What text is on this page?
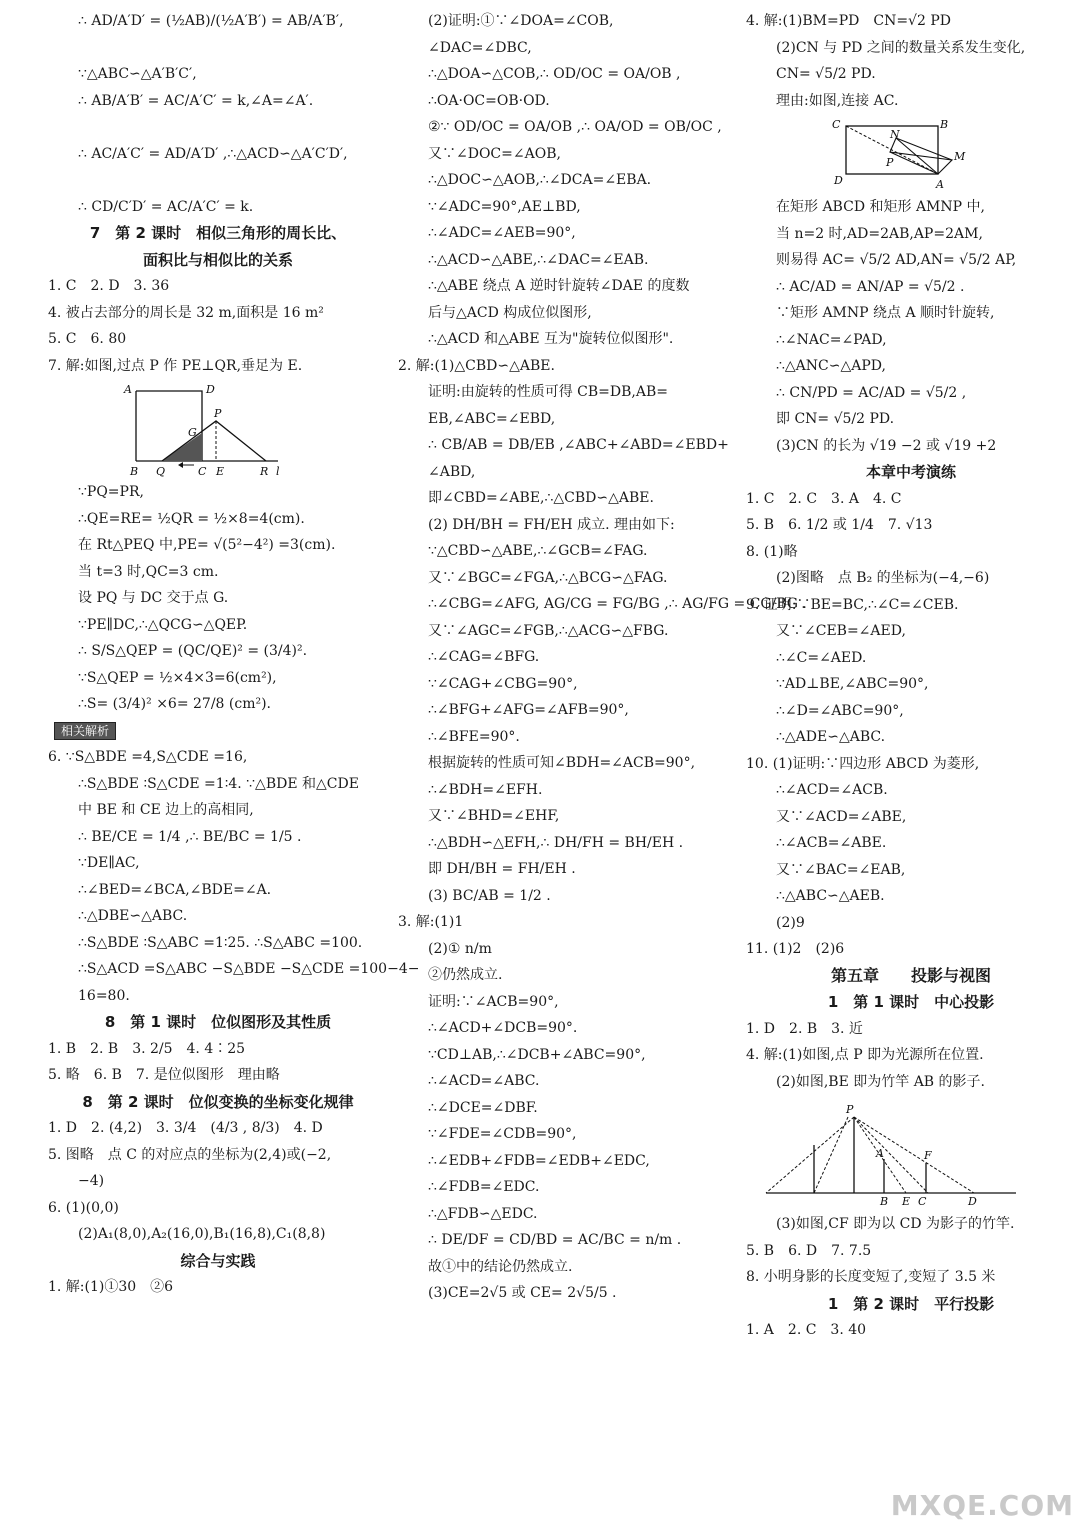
∴ AD/A′D′ = (½AB)/(½A′B′) = AB/A′B′,

∵△ABC∽△A′B′C′,
∴ AB/A′B′ = AC/A′C′ = k,∠A=∠A′.

∴ AC/A′C′ = AD/A′D′ ,∴△ACD∽△A′C′D′,

∴ CD/C′D′ = AC/A′C′ = k.
7　第 2 课时　相似三角形的周长比、
面积比与相似比的关系
1. C　2. D　3. 36
4. 被占去部分的周长是 32 m,面积是 16 m²
5. C　6. 80
7. 解:如图,过点 P 作 PE⊥QR,垂足为 E.
A	D
P
G
B Q	C E	R l
∵PQ=PR,
∴QE=RE= ½QR = ½×8=4(cm).
在 Rt△PEQ 中,PE= √(5²−4²) =3(cm).
当 t=3 时,QC=3 cm.
设 PQ 与 DC 交于点 G.
∵PE∥DC,∴△QCG∽△QEP.
∴ S/S△QEP = (QC/QE)² = (3/4)².
∵S△QEP = ½×4×3=6(cm²),
∴S= (3/4)² ×6= 27/8 (cm²).
相关解析
6. ∵S△BDE =4,S△CDE =16,
∴S△BDE ∶S△CDE =1∶4. ∵△BDE 和△CDE
中 BE 和 CE 边上的高相同,
∴ BE/CE = 1/4 ,∴ BE/BC = 1/5 .
∵DE∥AC,
∴∠BED=∠BCA,∠BDE=∠A.
∴△DBE∽△ABC.
∴S△BDE ∶S△ABC =1∶25. ∴S△ABC =100.
∴S△ACD =S△ABC −S△BDE −S△CDE =100−4−
16=80.
8　第 1 课时　位似图形及其性质
1. B　2. B　3. 2/5　4. 4∶25
5. 略　6. B　7. 是位似图形　理由略
8　第 2 课时　位似变换的坐标变化规律
1. D　2. (4,2)　3. 3/4　(4/3 , 8/3)　4. D
5. 图略　点 C 的对应点的坐标为(2,4)或(−2,
−4)
6. (1)(0,0)
(2)A₁(8,0),A₂(16,0),B₁(16,8),C₁(8,8)
综合与实践
1. 解:(1)①30　②6
(2)证明:①∵∠DOA=∠COB,
∠DAC=∠DBC,
∴△DOA∽△COB,∴ OD/OC = OA/OB ,
∴OA·OC=OB·OD.
②∵ OD/OC = OA/OB ,∴ OA/OD = OB/OC ,
又∵∠DOC=∠AOB,
∴△DOC∽△AOB,∴∠DCA=∠EBA.
∵∠ADC=90°,AE⊥BD,
∴∠ADC=∠AEB=90°,
∴△ACD∽△ABE,∴∠DAC=∠EAB.
∴△ABE 绕点 A 逆时针旋转∠DAE 的度数
后与△ACD 构成位似图形,
∴△ACD 和△ABE 互为"旋转位似图形".
2. 解:(1)△CBD∽△ABE.
证明:由旋转的性质可得 CB=DB,AB=
EB,∠ABC=∠EBD,
∴ CB/AB = DB/EB ,∠ABC+∠ABD=∠EBD+
∠ABD,
即∠CBD=∠ABE,∴△CBD∽△ABE.
(2) DH/BH = FH/EH 成立. 理由如下:
∵△CBD∽△ABE,∴∠GCB=∠FAG.
又∵∠BGC=∠FGA,∴△BCG∽△FAG.
∴∠CBG=∠AFG, AG/CG = FG/BG ,∴ AG/FG = CG/BG .
又∵∠AGC=∠FGB,∴△ACG∽△FBG.
∴∠CAG=∠BFG.
∵∠CAG+∠CBG=90°,
∴∠BFG+∠AFG=∠AFB=90°,
∴∠BFE=90°.
根据旋转的性质可知∠BDH=∠ACB=90°,
∴∠BDH=∠EFH.
又∵∠BHD=∠EHF,
∴△BDH∽△EFH,∴ DH/FH = BH/EH .
即 DH/BH = FH/EH .
(3) BC/AB = 1/2 .
3. 解:(1)1
(2)① n/m
②仍然成立.
证明:∵∠ACB=90°,
∴∠ACD+∠DCB=90°.
∵CD⊥AB,∴∠DCB+∠ABC=90°,
∴∠ACD=∠ABC.
∴∠DCE=∠DBF.
∵∠FDE=∠CDB=90°,
∴∠EDB+∠FDB=∠EDB+∠EDC,
∴∠FDB=∠EDC.
∴△FDB∽△EDC.
∴ DE/DF = CD/BD = AC/BC = n/m .
故①中的结论仍然成立.
(3)CE=2√5 或 CE= 2√5/5 .
4. 解:(1)BM=PD　CN=√2 PD
(2)CN 与 PD 之间的数量关系发生变化,
CN= √5/2 PD.
理由:如图,连接 AC.
C	B
N
M
P
D	A
在矩形 ABCD 和矩形 AMNP 中,
当 n=2 时,AD=2AB,AP=2AM,
则易得 AC= √5/2 AD,AN= √5/2 AP,
∴ AC/AD = AN/AP = √5/2 .
∵矩形 AMNP 绕点 A 顺时针旋转,
∴∠NAC=∠PAD,
∴△ANC∽△APD,
∴ CN/PD = AC/AD = √5/2 ,
即 CN= √5/2 PD.
(3)CN 的长为 √19 −2 或 √19 +2
本章中考演练
1. C　2. C　3. A　4. C
5. B　6. 1/2 或 1/4　7. √13
8. (1)略
(2)图略　点 B₂ 的坐标为(−4,−6)
9. 证明:∵BE=BC,∴∠C=∠CEB.
又∵∠CEB=∠AED,
∴∠C=∠AED.
∵AD⊥BE,∠ABC=90°,
∴∠D=∠ABC=90°,
∴△ADE∽△ABC.
10. (1)证明:∵四边形 ABCD 为菱形,
∴∠ACD=∠ACB.
又∵∠ACD=∠ABE,
∴∠ACB=∠ABE.
又∵∠BAC=∠EAB,
∴△ABC∽△AEB.
(2)9
11. (1)2　(2)6
第五章　　投影与视图
1　第 1 课时　中心投影
1. D　2. B　3. 近
4. 解:(1)如图,点 P 即为光源所在位置.
(2)如图,BE 即为竹竿 AB 的影子.
P
A	F
B E C	D
(3)如图,CF 即为以 CD 为影子的竹竿.
5. B　6. D　7. 7.5
8. 小明身影的长度变短了,变短了 3.5 米
1　第 2 课时　平行投影
1. A　2. C　3. 40
MXQE.COM
